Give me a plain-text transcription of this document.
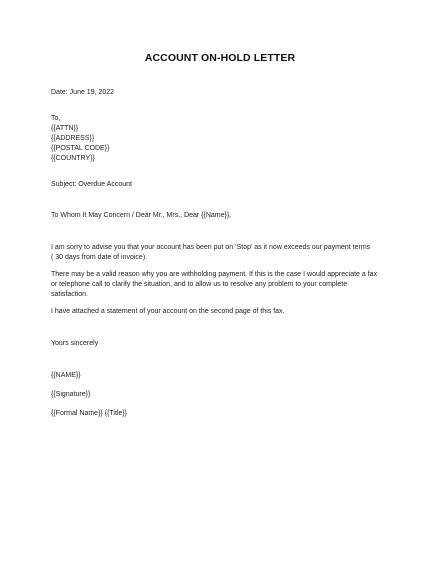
ACCOUNT ON-HOLD LETTER
Date: June 19, 2022
To,
{{ATTN}}
{{ADDRESS}}
{{POSTAL CODE}}
{{COUNTRY}}
Subject: Overdue Account
To Whom It May Concern / Dear Mr., Mrs., Dear {{Name}},
I am sorry to advise you that your account has been put on ‘Stop’ as it now exceeds our payment terms
( 30 days from date of invoice).
There may be a valid reason why you are withholding payment. If this is the case I would appreciate a fax
or telephone call to clarify the situation, and to allow us to resolve any problem to your complete
satisfaction.
I have attached a statement of your account on the second page of this fax.
Yours sincerely
{{NAME}}
{{Signature}}
{{Formal Name}} {{Title}}
